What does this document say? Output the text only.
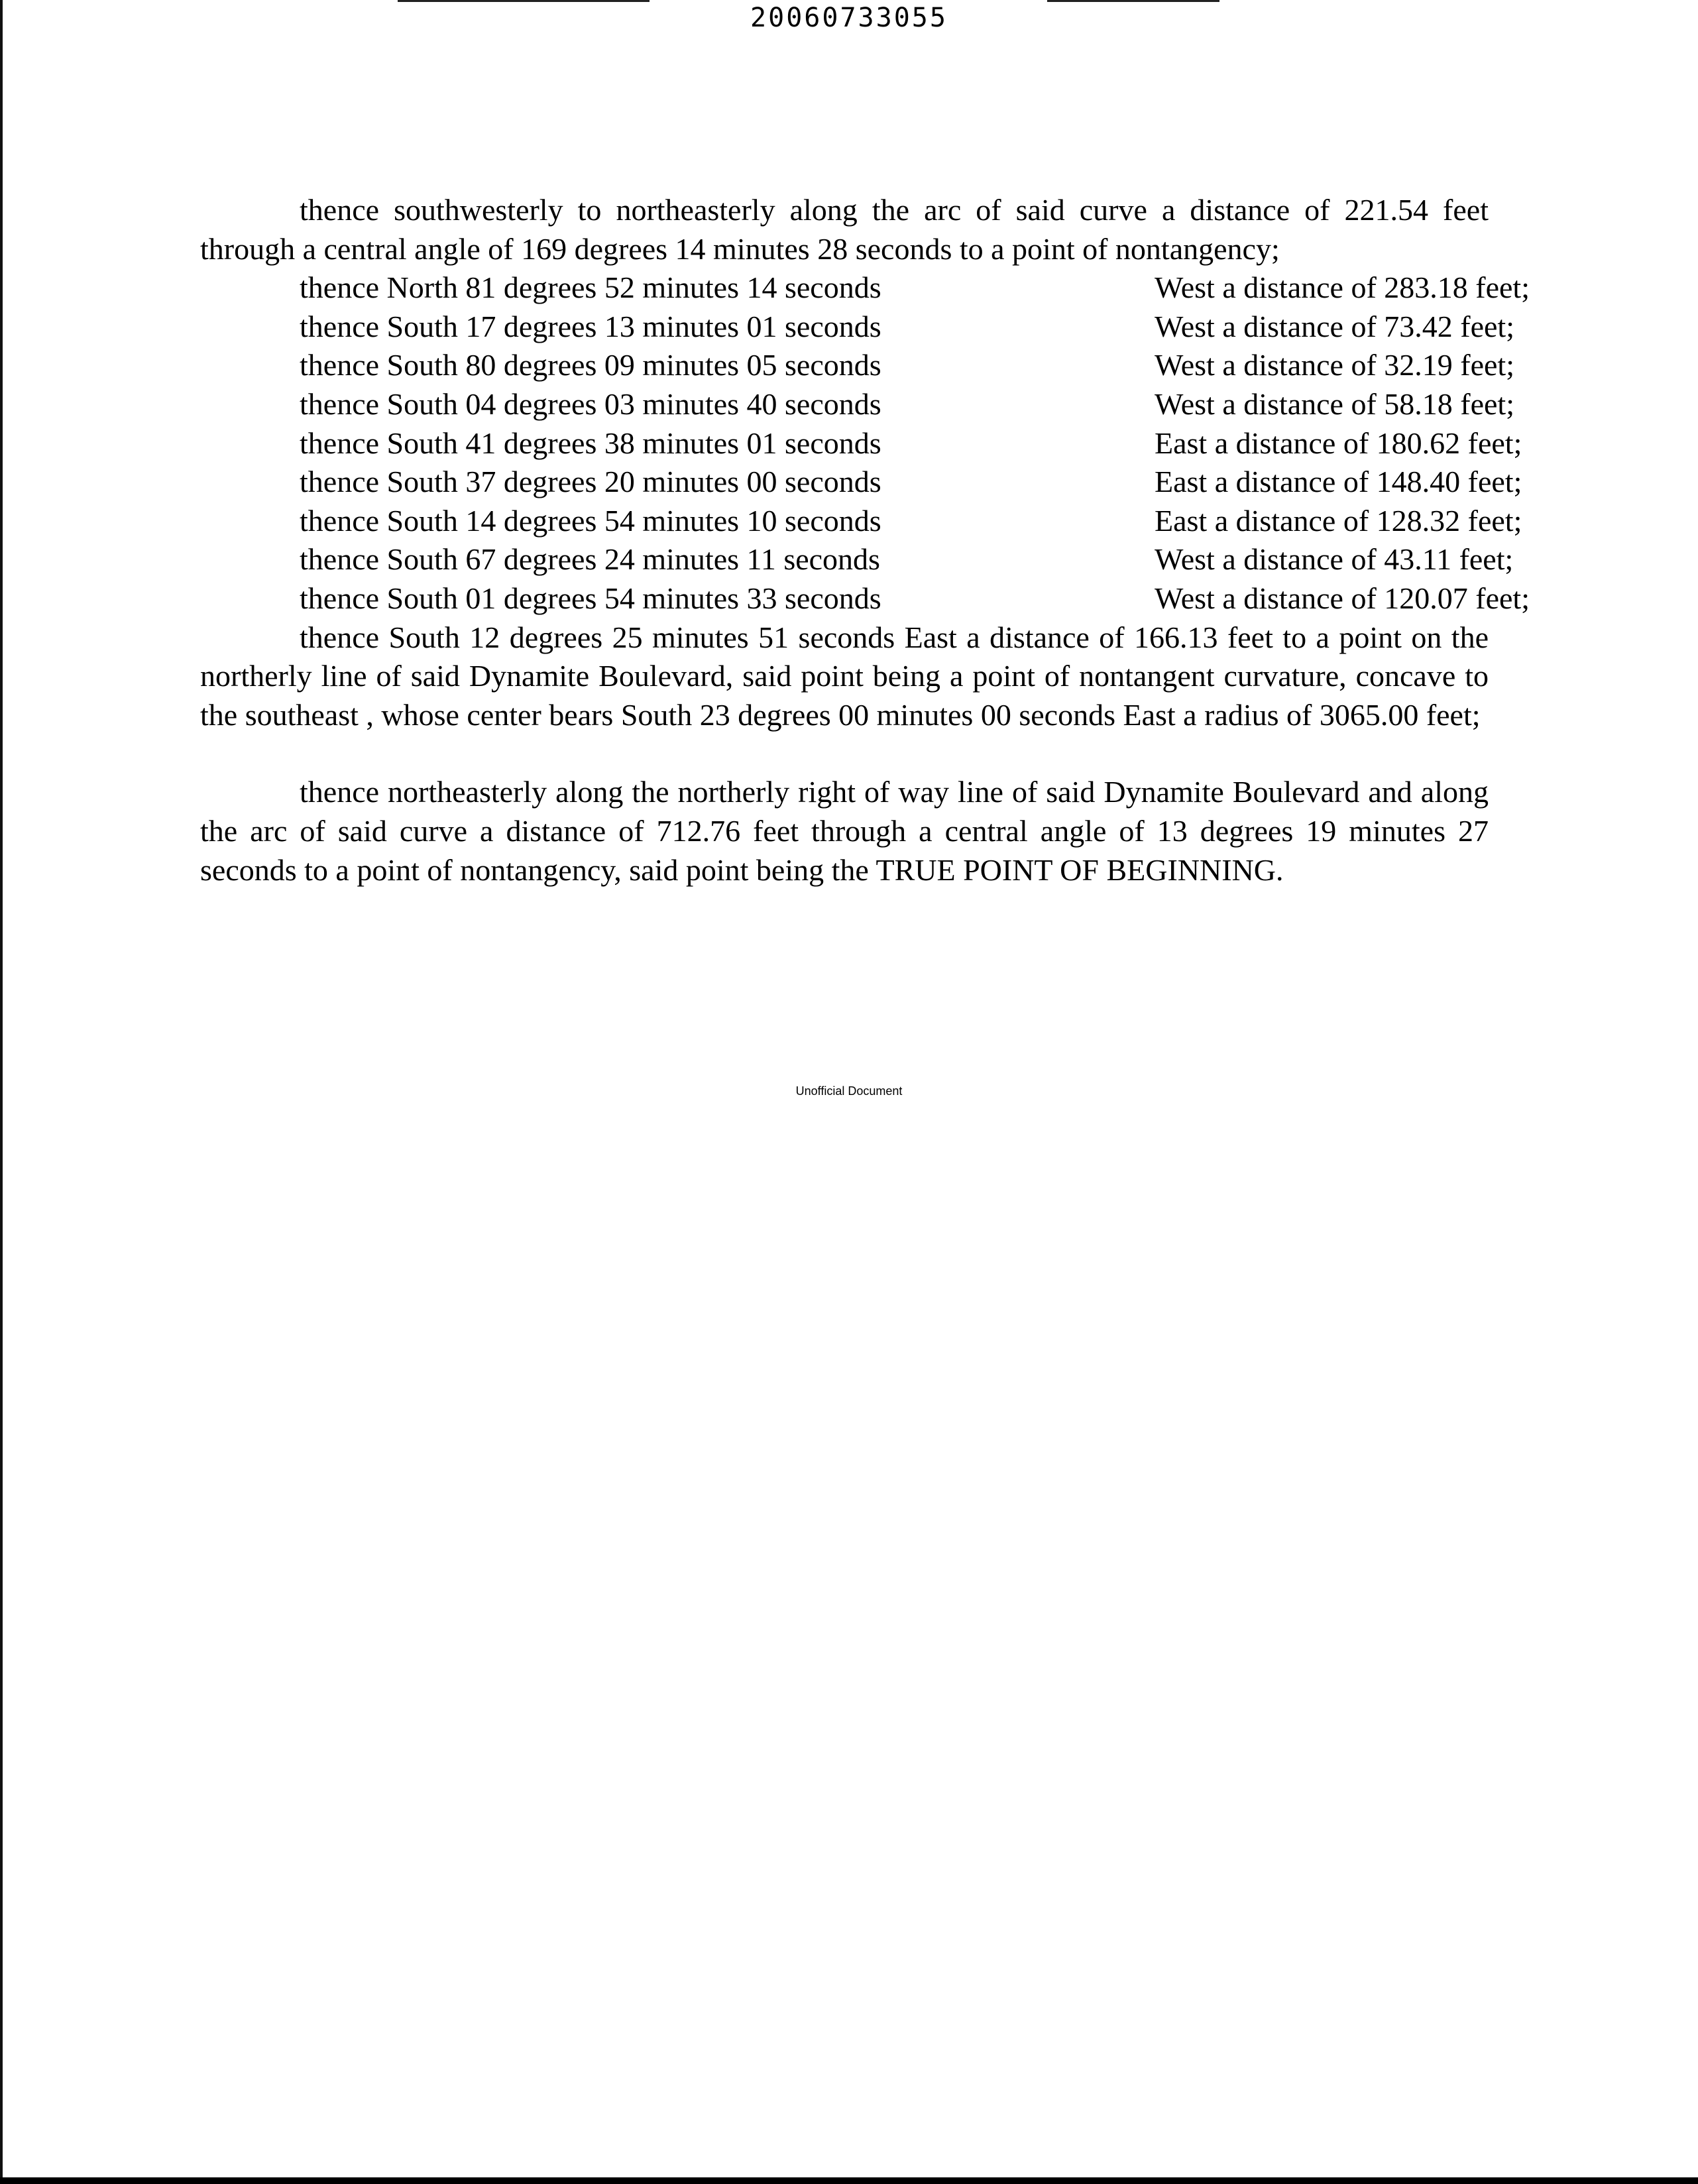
20060733055

thence southwesterly to northeasterly along the arc of said curve a distance of 221.54 feet through a central angle of 169 degrees 14 minutes 28 seconds to a point of nontangency;

thence North 81 degrees 52 minutes 14 seconds	West a distance of 283.18 feet;
thence South 17 degrees 13 minutes 01 seconds	West a distance of 73.42 feet;
thence South 80 degrees 09 minutes 05 seconds	West a distance of 32.19 feet;
thence South 04 degrees 03 minutes 40 seconds	West a distance of 58.18 feet;
thence South 41 degrees 38 minutes 01 seconds	East a distance of 180.62 feet;
thence South 37 degrees 20 minutes 00 seconds	East a distance of 148.40 feet;
thence South 14 degrees 54 minutes 10 seconds	East a distance of 128.32 feet;
thence South 67 degrees 24 minutes 11 seconds	West a distance of 43.11 feet;
thence South 01 degrees 54 minutes 33 seconds	West a distance of 120.07 feet;
thence South 12 degrees 25 minutes 51 seconds East a distance of 166.13 feet to a point on the northerly line of said Dynamite Boulevard, said point being a point of nontangent curvature, concave to the southeast , whose center bears South 23 degrees 00 minutes 00 seconds East a radius of 3065.00 feet;

thence northeasterly along the northerly right of way line of said Dynamite Boulevard and along the arc of said curve a distance of 712.76 feet through a central angle of 13 degrees 19 minutes 27 seconds to a point of nontangency, said point being the TRUE POINT OF BEGINNING.

Unofficial Document
